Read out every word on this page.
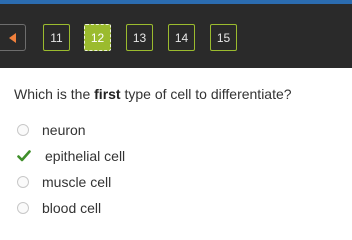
11	12	13	14	15
Which is the first type of cell to differentiate?
neuron
epithelial cell
muscle cell
blood cell
